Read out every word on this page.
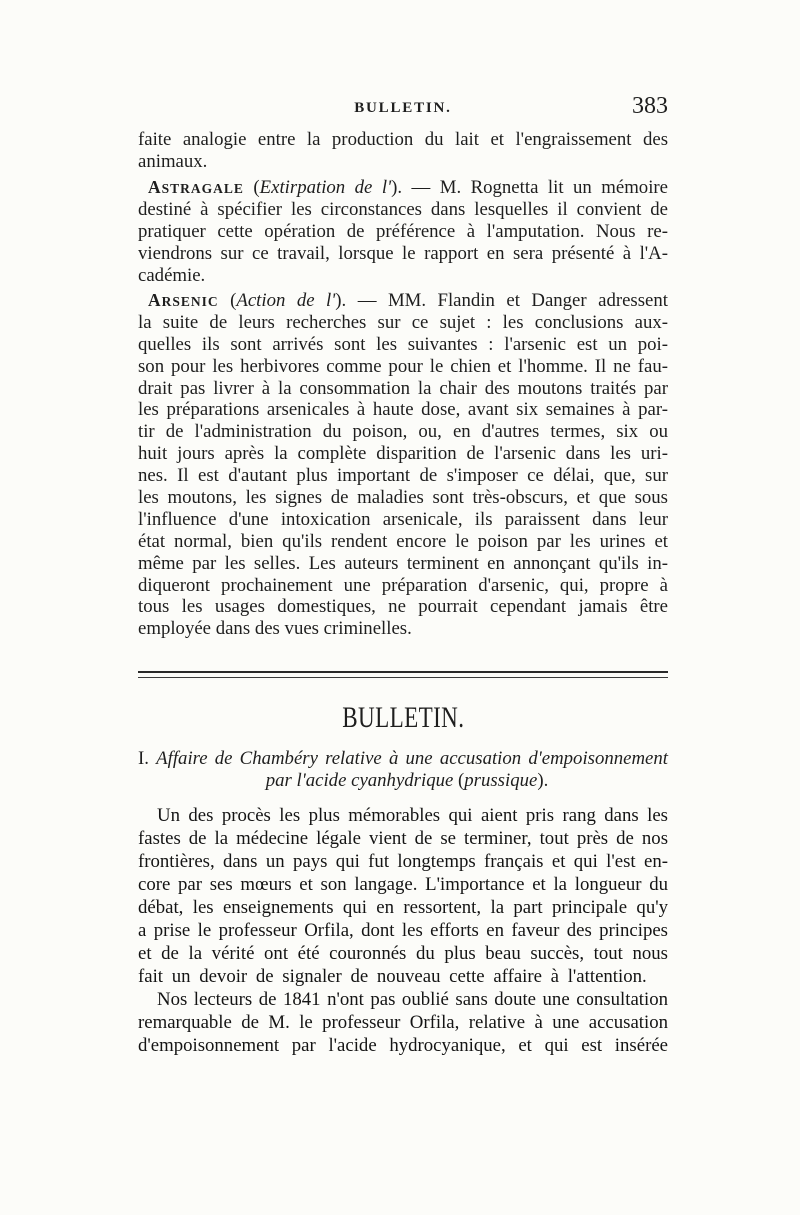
BULLETIN.	383
faite analogie entre la production du lait et l'engraissement des
animaux.
ASTRAGALE (Extirpation de l'). — M. Rognetta lit un mémoire
destiné à spécifier les circonstances dans lesquelles il convient de
pratiquer cette opération de préférence à l'amputation. Nous re-
viendrons sur ce travail, lorsque le rapport en sera présenté à l'A-
cadémie.
ARSENIC (Action de l'). — MM. Flandin et Danger adressent
la suite de leurs recherches sur ce sujet : les conclusions aux-
quelles ils sont arrivés sont les suivantes : l'arsenic est un poi-
son pour les herbivores comme pour le chien et l'homme. Il ne fau-
drait pas livrer à la consommation la chair des moutons traités par
les préparations arsenicales à haute dose, avant six semaines à par-
tir de l'administration du poison, ou, en d'autres termes, six ou
huit jours après la complète disparition de l'arsenic dans les uri-
nes. Il est d'autant plus important de s'imposer ce délai, que, sur
les moutons, les signes de maladies sont très-obscurs, et que sous
l'influence d'une intoxication arsenicale, ils paraissent dans leur
état normal, bien qu'ils rendent encore le poison par les urines et
même par les selles. Les auteurs terminent en annonçant qu'ils in-
diqueront prochainement une préparation d'arsenic, qui, propre à
tous les usages domestiques, ne pourrait cependant jamais être
employée dans des vues criminelles.
BULLETIN.
I. Affaire de Chambéry relative à une accusation d'empoisonnement
par l'acide cyanhydrique (prussique).
Un des procès les plus mémorables qui aient pris rang dans les
fastes de la médecine légale vient de se terminer, tout près de nos
frontières, dans un pays qui fut longtemps français et qui l'est en-
core par ses mœurs et son langage. L'importance et la longueur du
débat, les enseignements qui en ressortent, la part principale qu'y
a prise le professeur Orfila, dont les efforts en faveur des principes
et de la vérité ont été couronnés du plus beau succès, tout nous
fait un devoir de signaler de nouveau cette affaire à l'attention.
Nos lecteurs de 1841 n'ont pas oublié sans doute une consultation
remarquable de M. le professeur Orfila, relative à une accusation
d'empoisonnement par l'acide hydrocyanique, et qui est insérée
